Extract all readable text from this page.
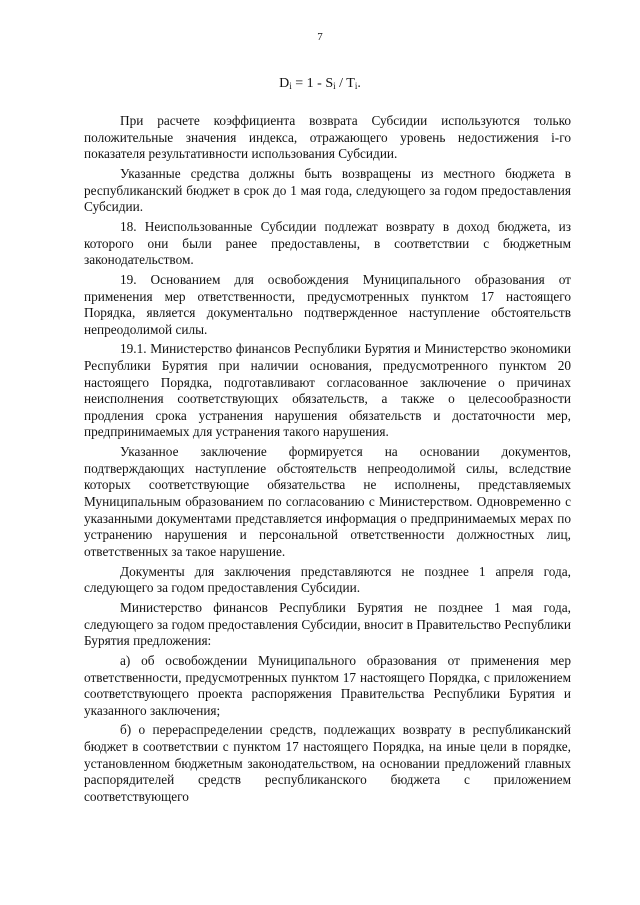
7
$D_i = 1 - S_i / T_i$.

При расчете коэффициента возврата Субсидии используются только положительные значения индекса, отражающего уровень недостижения i-го показателя результативности использования Субсидии.

Указанные средства должны быть возвращены из местного бюджета в республиканский бюджет в срок до 1 мая года, следующего за годом предоставления Субсидии.

18. Неиспользованные Субсидии подлежат возврату в доход бюджета, из которого они были ранее предоставлены, в соответствии с бюджетным законодательством.

19. Основанием для освобождения Муниципального образования от применения мер ответственности, предусмотренных пунктом 17 настоящего Порядка, является документально подтвержденное наступление обстоятельств непреодолимой силы.

19.1. Министерство финансов Республики Бурятия и Министерство экономики Республики Бурятия при наличии основания, предусмотренного пунктом 20 настоящего Порядка, подготавливают согласованное заключение о причинах неисполнения соответствующих обязательств, а также о целесообразности продления срока устранения нарушения обязательств и достаточности мер, предпринимаемых для устранения такого нарушения.

Указанное заключение формируется на основании документов, подтверждающих наступление обстоятельств непреодолимой силы, вследствие которых соответствующие обязательства не исполнены, представляемых Муниципальным образованием по согласованию с Министерством. Одновременно с указанными документами представляется информация о предпринимаемых мерах по устранению нарушения и персональной ответственности должностных лиц, ответственных за такое нарушение.

Документы для заключения представляются не позднее 1 апреля года, следующего за годом предоставления Субсидии.

Министерство финансов Республики Бурятия не позднее 1 мая года, следующего за годом предоставления Субсидии, вносит в Правительство Республики Бурятия предложения:

а) об освобождении Муниципального образования от применения мер ответственности, предусмотренных пунктом 17 настоящего Порядка, с приложением соответствующего проекта распоряжения Правительства Республики Бурятия и указанного заключения;

б) о перераспределении средств, подлежащих возврату в республиканский бюджет в соответствии с пунктом 17 настоящего Порядка, на иные цели в порядке, установленном бюджетным законодательством, на основании предложений главных распорядителей средств республиканского бюджета с приложением соответствующего
